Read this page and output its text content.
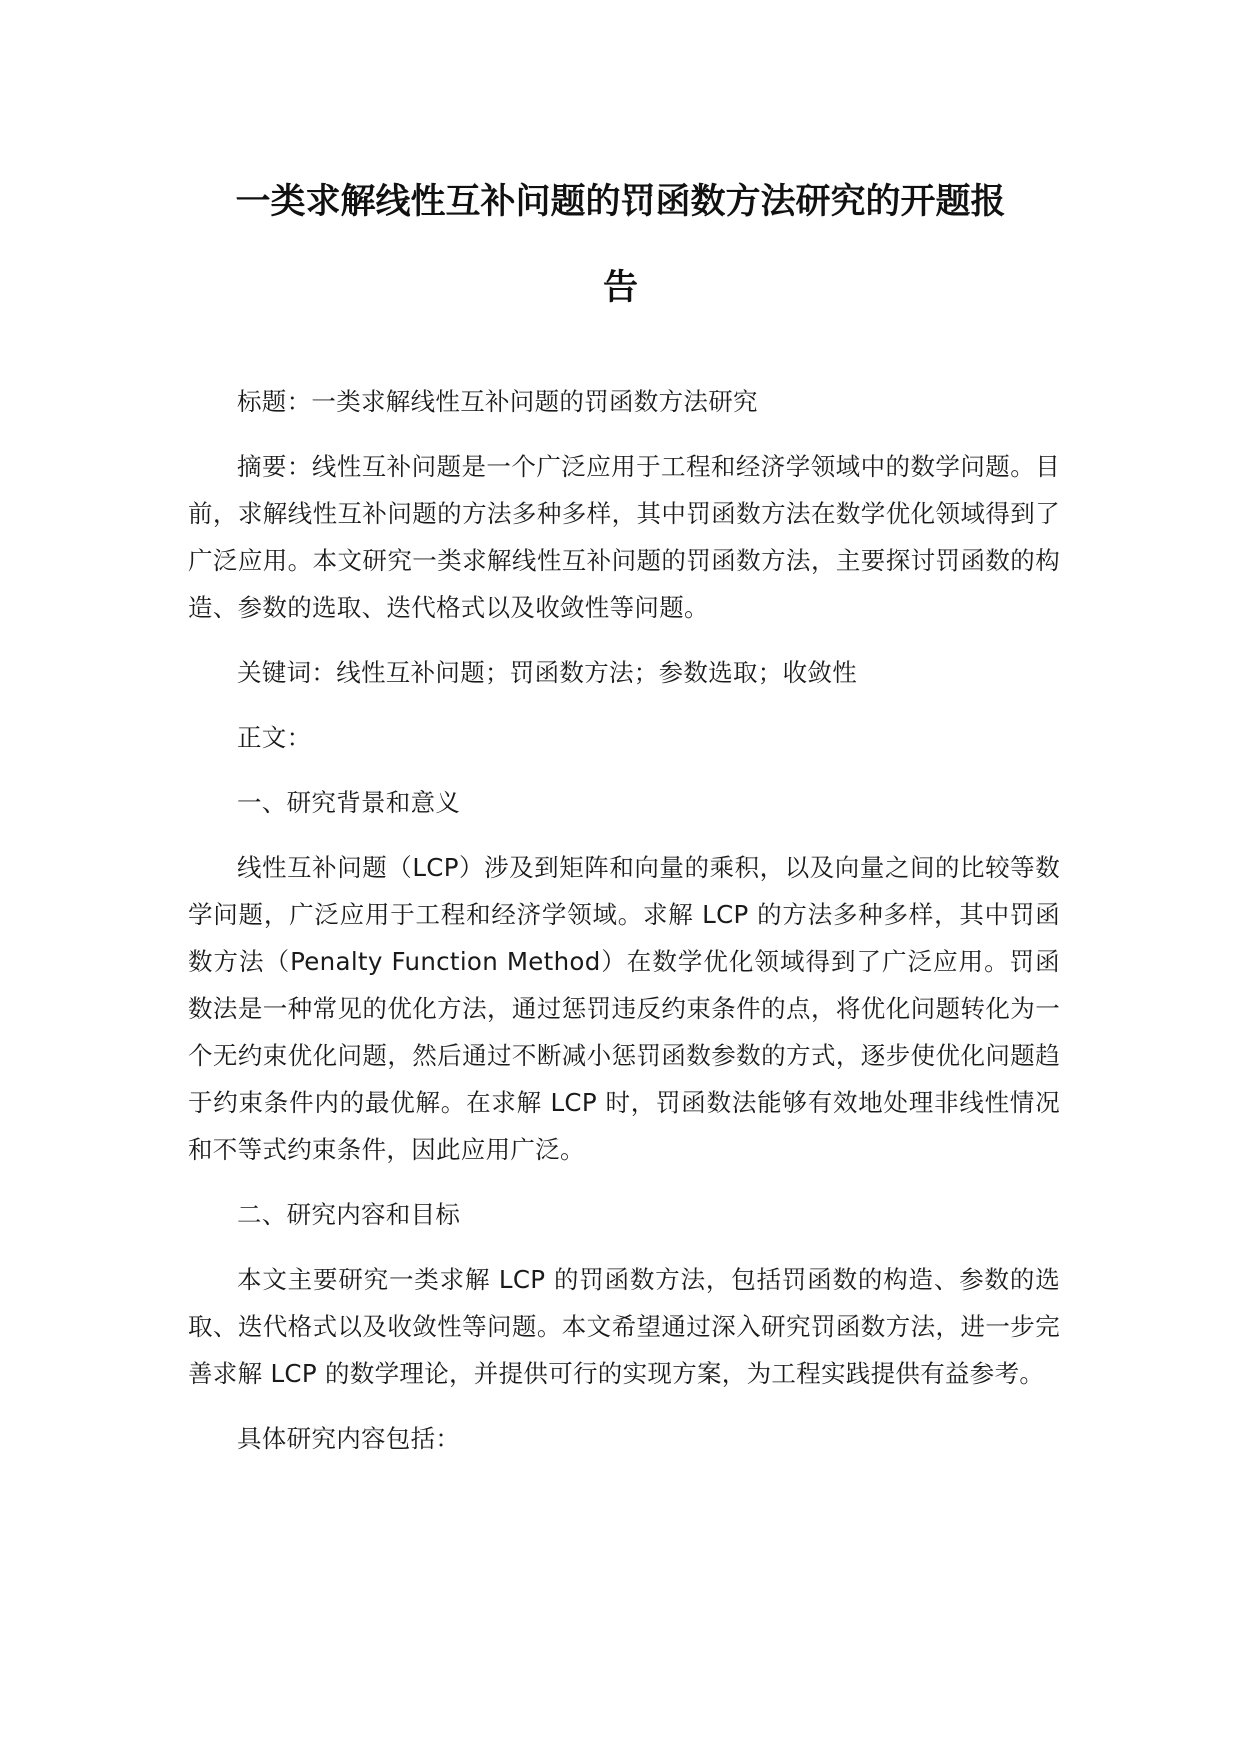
一类求解线性互补问题的罚函数方法研究的开题报
告

标题：一类求解线性互补问题的罚函数方法研究

摘要：线性互补问题是一个广泛应用于工程和经济学领域中的数学问题。目前，求解线性互补问题的方法多种多样，其中罚函数方法在数学优化领域得到了广泛应用。本文研究一类求解线性互补问题的罚函数方法，主要探讨罚函数的构造、参数的选取、迭代格式以及收敛性等问题。

关键词：线性互补问题；罚函数方法；参数选取；收敛性

正文：

一、研究背景和意义

线性互补问题（LCP）涉及到矩阵和向量的乘积，以及向量之间的比较等数学问题，广泛应用于工程和经济学领域。求解 LCP 的方法多种多样，其中罚函数方法（Penalty Function Method）在数学优化领域得到了广泛应用。罚函数法是一种常见的优化方法，通过惩罚违反约束条件的点，将优化问题转化为一个无约束优化问题，然后通过不断减小惩罚函数参数的方式，逐步使优化问题趋于约束条件内的最优解。在求解 LCP 时，罚函数法能够有效地处理非线性情况和不等式约束条件，因此应用广泛。

二、研究内容和目标

本文主要研究一类求解 LCP 的罚函数方法，包括罚函数的构造、参数的选取、迭代格式以及收敛性等问题。本文希望通过深入研究罚函数方法，进一步完善求解 LCP 的数学理论，并提供可行的实现方案，为工程实践提供有益参考。

具体研究内容包括：
